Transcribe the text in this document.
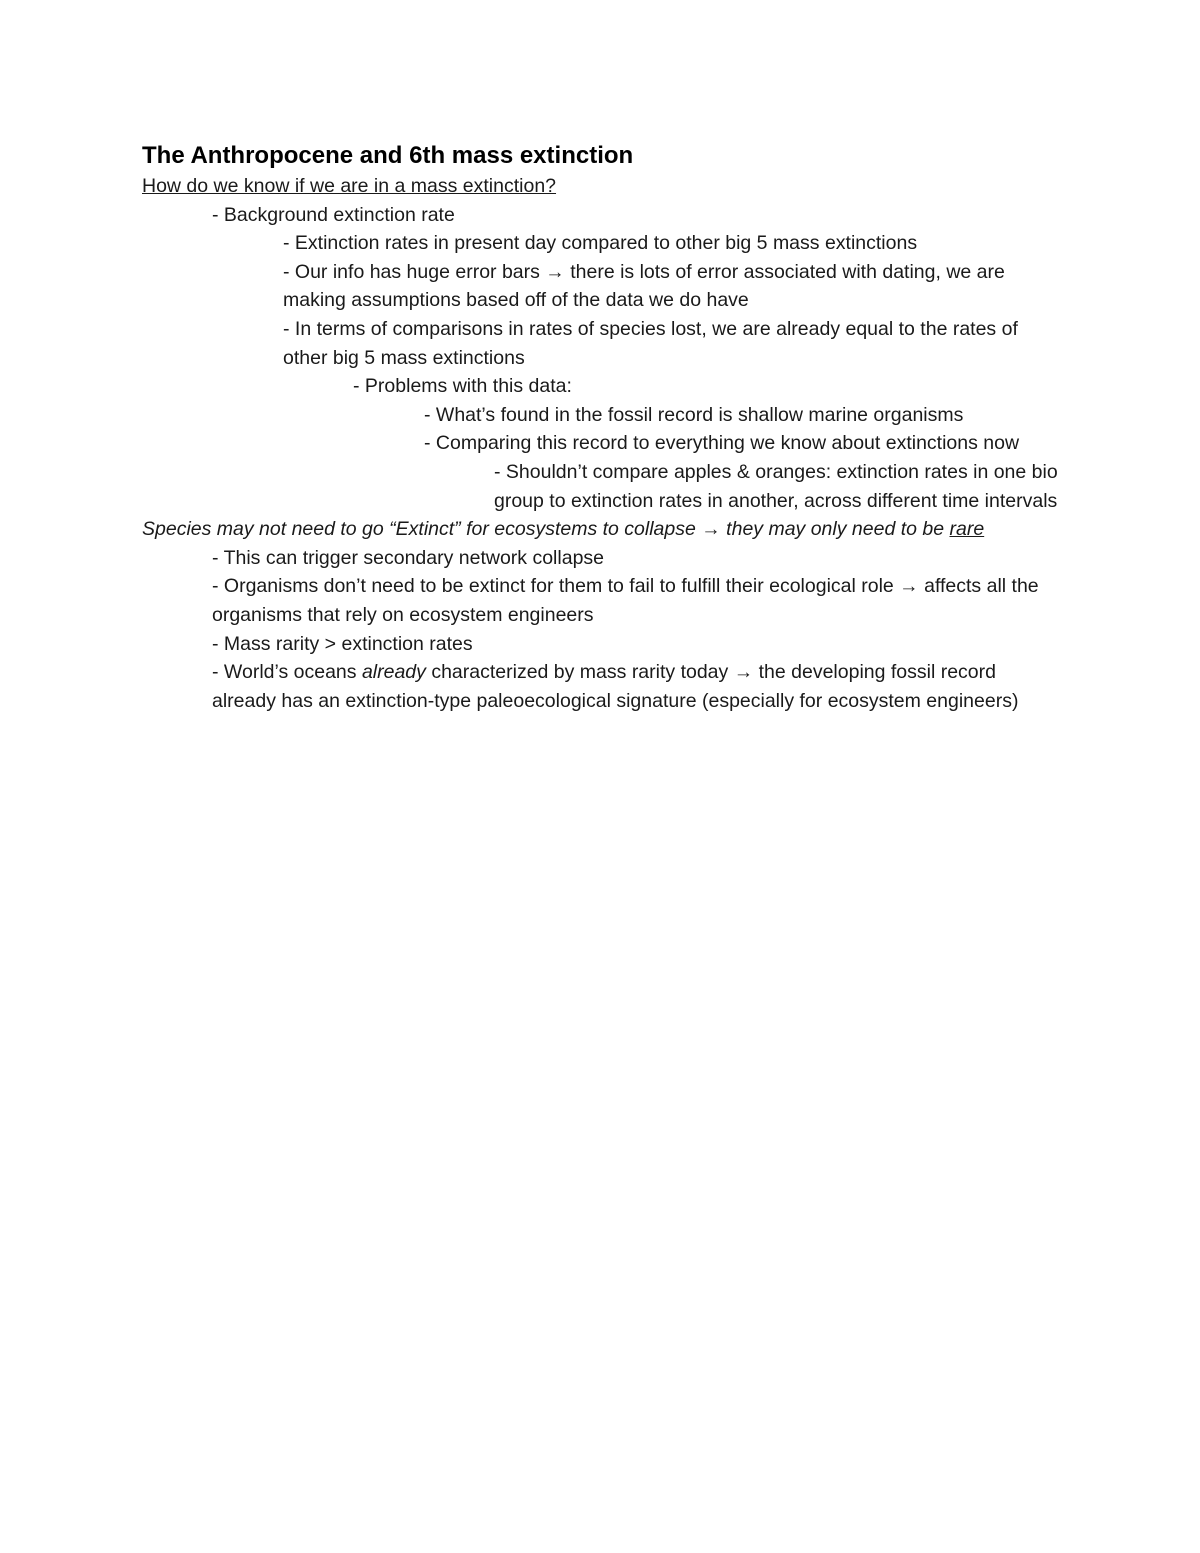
The Anthropocene and 6th mass extinction

How do we know if we are in a mass extinction?

- Background extinction rate
- Extinction rates in present day compared to other big 5 mass extinctions
- Our info has huge error bars → there is lots of error associated with dating, we are making assumptions based off of the data we do have
- In terms of comparisons in rates of species lost, we are already equal to the rates of other big 5 mass extinctions
- Problems with this data:
- What’s found in the fossil record is shallow marine organisms
- Comparing this record to everything we know about extinctions now
- Shouldn’t compare apples & oranges: extinction rates in one bio group to extinction rates in another, across different time intervals

Species may not need to go “Extinct” for ecosystems to collapse → they may only need to be rare

- This can trigger secondary network collapse
- Organisms don’t need to be extinct for them to fail to fulfill their ecological role → affects all the organisms that rely on ecosystem engineers
- Mass rarity > extinction rates
- World’s oceans already characterized by mass rarity today → the developing fossil record already has an extinction-type paleoecological signature (especially for ecosystem engineers)
